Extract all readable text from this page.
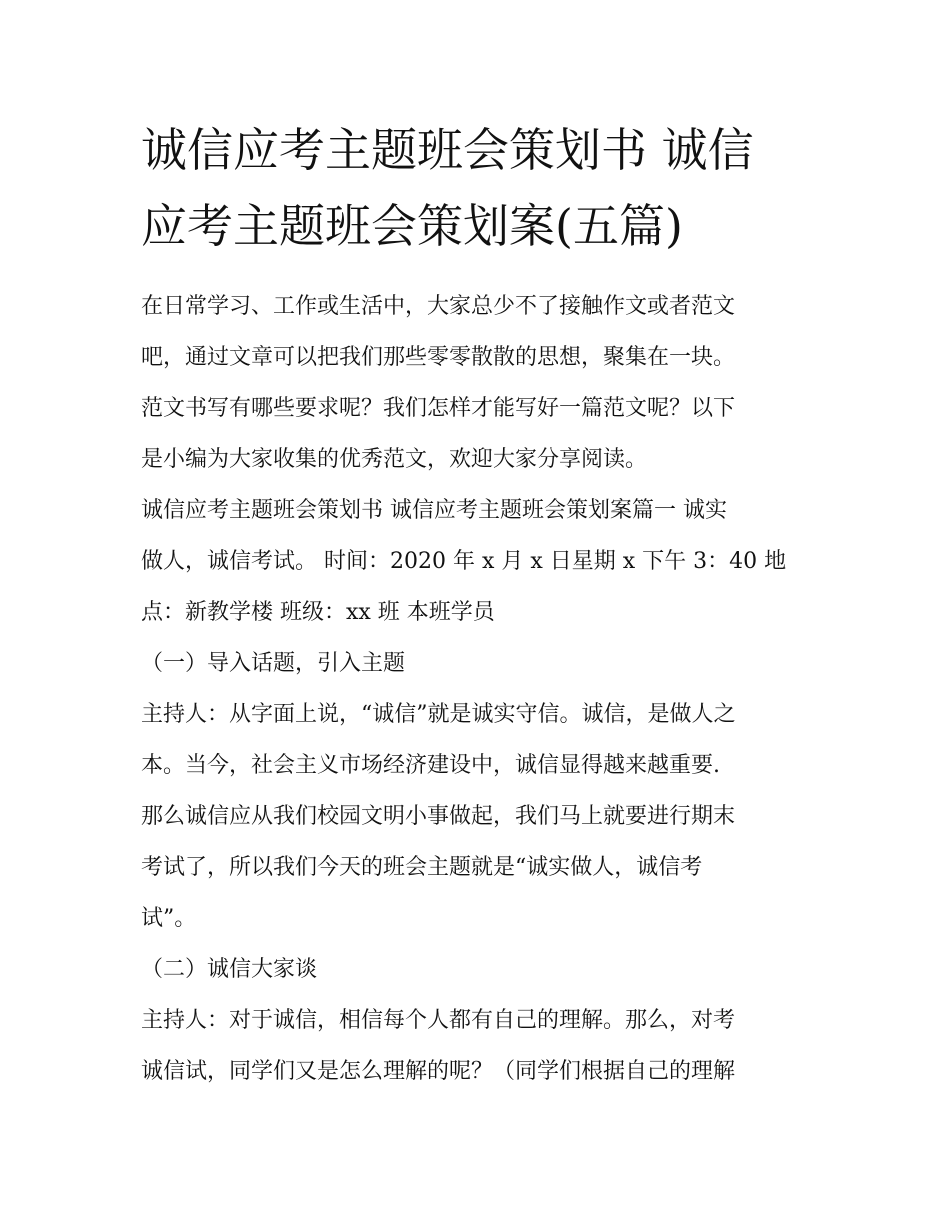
诚信应考主题班会策划书 诚信
应考主题班会策划案(五篇)

在日常学习、工作或生活中，大家总少不了接触作文或者范文
吧，通过文章可以把我们那些零零散散的思想，聚集在一块。
范文书写有哪些要求呢？我们怎样才能写好一篇范文呢？以下
是小编为大家收集的优秀范文，欢迎大家分享阅读。

诚信应考主题班会策划书 诚信应考主题班会策划案篇一 诚实
做人，诚信考试。 时间：2020 年 x 月 x 日星期 x 下午 3：40 地
点：新教学楼 班级：xx 班 本班学员

（一）导入话题，引入主题

主持人：从字面上说，“诚信”就是诚实守信。诚信，是做人之
本。当今，社会主义市场经济建设中，诚信显得越来越重要.
那么诚信应从我们校园文明小事做起，我们马上就要进行期末
考试了，所以我们今天的班会主题就是“诚实做人，诚信考
试”。

（二）诚信大家谈

主持人：对于诚信，相信每个人都有自己的理解。那么，对考
诚信试，同学们又是怎么理解的呢？（同学们根据自己的理解
